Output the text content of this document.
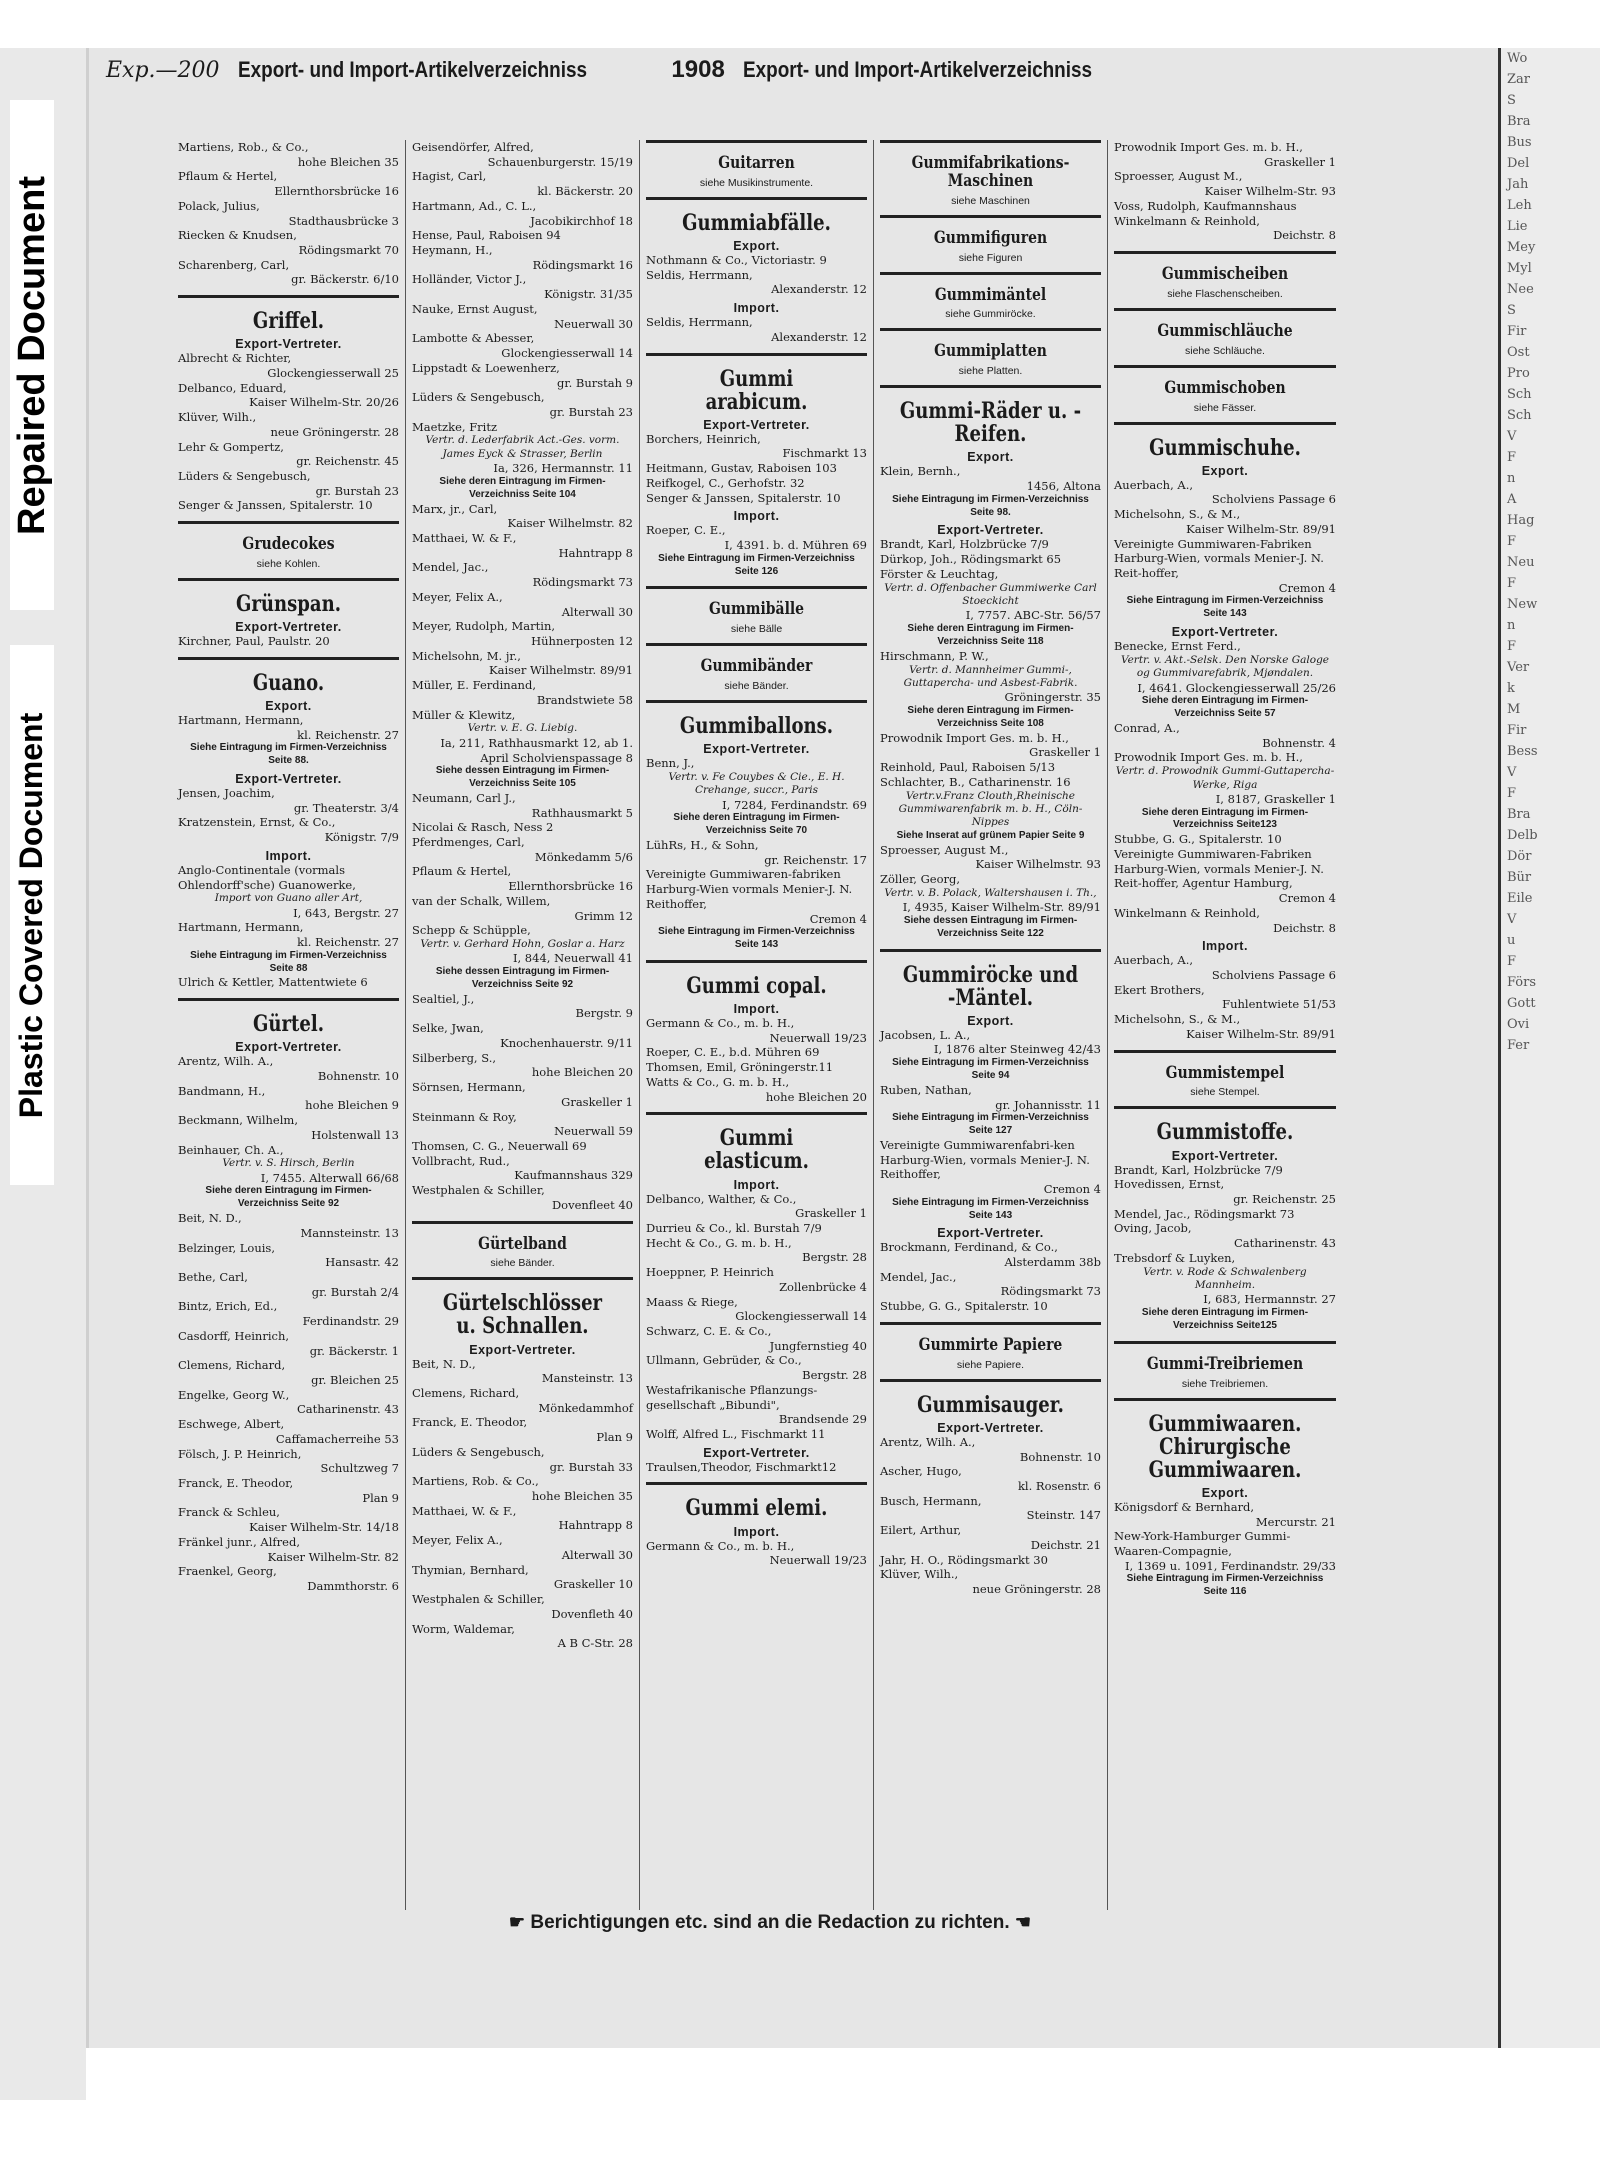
Repaired Document
Plastic Covered Document
Wo
Zar
S
Bra
Bus
Del
Jah
Leh
Lie
Mey
Myl
Nee
S
Fir
Ost
Pro
Sch
Sch
V
F
n
A
Hag
F
Neu
F
New
n
F
Ver
k
M
Fir
Bess
V
F
Bra
Delb
Dör
Bür
Eile
V
u
F
Förs
Gott
Ovi
Fer
Exp.—200 Export- und Import-Artikelverzeichniss	1908 Export- und Import-Artikelverzeichniss
Martiens, Rob., & Co.,
hohe Bleichen 35
Pflaum & Hertel,
Ellernthorsbrücke 16
Polack, Julius,
Stadthausbrücke 3
Riecken & Knudsen,
Rödingsmarkt 70
Scharenberg, Carl,
gr. Bäckerstr. 6/10
Griffel.
Export-Vertreter.
Albrecht & Richter,
Glockengiesserwall 25
Delbanco, Eduard,
Kaiser Wilhelm-Str. 20/26
Klüver, Wilh.,
neue Gröningerstr. 28
Lehr & Gompertz,
gr. Reichenstr. 45
Lüders & Sengebusch,
gr. Burstah 23
Senger & Janssen, Spitalerstr. 10
Grudecokes
siehe Kohlen.
Grünspan.
Export-Vertreter.
Kirchner, Paul, Paulstr. 20
Guano.
Export.
Hartmann, Hermann,
kl. Reichenstr. 27
Siehe Eintragung im Firmen-Verzeichniss Seite 88.
Export-Vertreter.
Jensen, Joachim,
gr. Theaterstr. 3/4
Kratzenstein, Ernst, & Co.,
Königstr. 7/9
Import.
Anglo-Continentale (vormals Ohlendorff'sche) Guanowerke,
Import von Guano aller Art,
I, 643, Bergstr. 27
Hartmann, Hermann,
kl. Reichenstr. 27
Siehe Eintragung im Firmen-Verzeichniss Seite 88
Ulrich & Kettler, Mattentwiete 6
Gürtel.
Export-Vertreter.
Arentz, Wilh. A.,
Bohnenstr. 10
Bandmann, H.,
hohe Bleichen 9
Beckmann, Wilhelm,
Holstenwall 13
Beinhauer, Ch. A.,
Vertr. v. S. Hirsch, Berlin
I, 7455. Alterwall 66/68
Siehe deren Eintragung im Firmen-Verzeichniss Seite 92
Beit, N. D.,
Mannsteinstr. 13
Belzinger, Louis,
Hansastr. 42
Bethe, Carl,
gr. Burstah 2/4
Bintz, Erich, Ed.,
Ferdinandstr. 29
Casdorff, Heinrich,
gr. Bäckerstr. 1
Clemens, Richard,
gr. Bleichen 25
Engelke, Georg W.,
Catharinenstr. 43
Eschwege, Albert,
Caffamacherreihe 53
Fölsch, J. P. Heinrich,
Schultzweg 7
Franck, E. Theodor,
Plan 9
Franck & Schleu,
Kaiser Wilhelm-Str. 14/18
Fränkel junr., Alfred,
Kaiser Wilhelm-Str. 82
Fraenkel, Georg,
Dammthorstr. 6
Geisendörfer, Alfred,
Schauenburgerstr. 15/19
Hagist, Carl,
kl. Bäckerstr. 20
Hartmann, Ad., C. L.,
Jacobikirchhof 18
Hense, Paul, Raboisen 94
Heymann, H.,
Rödingsmarkt 16
Holländer, Victor J.,
Königstr. 31/35
Nauke, Ernst August,
Neuerwall 30
Lambotte & Abesser,
Glockengiesserwall 14
Lippstadt & Loewenherz,
gr. Burstah 9
Lüders & Sengebusch,
gr. Burstah 23
Maetzke, Fritz
Vertr. d. Lederfabrik Act.-Ges. vorm. James Eyck & Strasser, Berlin
Ia, 326, Hermannstr. 11
Siehe deren Eintragung im Firmen-Verzeichniss Seite 104
Marx, jr., Carl,
Kaiser Wilhelmstr. 82
Matthaei, W. & F.,
Hahntrapp 8
Mendel, Jac.,
Rödingsmarkt 73
Meyer, Felix A.,
Alterwall 30
Meyer, Rudolph, Martin,
Hühnerposten 12
Michelsohn, M. jr.,
Kaiser Wilhelmstr. 89/91
Müller, E. Ferdinand,
Brandstwiete 58
Müller & Klewitz,
Vertr. v. E. G. Liebig.
Ia, 211, Rathhausmarkt 12, ab 1. April Scholvienspassage 8
Siehe dessen Eintragung im Firmen-Verzeichniss Seite 105
Neumann, Carl J.,
Rathhausmarkt 5
Nicolai & Rasch, Ness 2
Pferdmenges, Carl,
Mönkedamm 5/6
Pflaum & Hertel,
Ellernthorsbrücke 16
van der Schalk, Willem,
Grimm 12
Schepp & Schüpple,
Vertr. v. Gerhard Hohn, Goslar a. Harz
I, 844, Neuerwall 41
Siehe dessen Eintragung im Firmen-Verzeichniss Seite 92
Sealtiel, J.,
Bergstr. 9
Selke, Jwan,
Knochenhauerstr. 9/11
Silberberg, S.,
hohe Bleichen 20
Sörnsen, Hermann,
Graskeller 1
Steinmann & Roy,
Neuerwall 59
Thomsen, C. G., Neuerwall 69
Vollbracht, Rud.,
Kaufmannshaus 329
Westphalen & Schiller,
Dovenfleet 40
Gürtelband
siehe Bänder.
Gürtelschlösser u. Schnallen.
Export-Vertreter.
Beit, N. D.,
Mansteinstr. 13
Clemens, Richard,
Mönkedammhof
Franck, E. Theodor,
Plan 9
Lüders & Sengebusch,
gr. Burstah 33
Martiens, Rob. & Co.,
hohe Bleichen 35
Matthaei, W. & F.,
Hahntrapp 8
Meyer, Felix A.,
Alterwall 30
Thymian, Bernhard,
Graskeller 10
Westphalen & Schiller,
Dovenfleth 40
Worm, Waldemar,
A B C-Str. 28
Guitarren
siehe Musikinstrumente.
Gummiabfälle.
Export.
Nothmann & Co., Victoriastr. 9
Seldis, Herrmann,
Alexanderstr. 12
Import.
Seldis, Herrmann,
Alexanderstr. 12
Gummi arabicum.
Export-Vertreter.
Borchers, Heinrich,
Fischmarkt 13
Heitmann, Gustav, Raboisen 103
Reifkogel, C., Gerhofstr. 32
Senger & Janssen, Spitalerstr. 10
Import.
Roeper, C. E.,
I, 4391. b. d. Mühren 69
Siehe Eintragung im Firmen-Verzeichniss Seite 126
Gummibälle
siehe Bälle
Gummibänder
siehe Bänder.
Gummiballons.
Export-Vertreter.
Benn, J.,
Vertr. v. Fe Couybes & Cie., E. H. Crehange, succr., Paris
I, 7284, Ferdinandstr. 69
Siehe deren Eintragung im Firmen-Verzeichniss Seite 70
LühRs, H., & Sohn,
gr. Reichenstr. 17
Vereinigte Gummiwaren-fabriken Harburg-Wien vormals Menier-J. N. Reithoffer,
Cremon 4
Siehe Eintragung im Firmen-Verzeichniss Seite 143
Gummi copal.
Import.
Germann & Co., m. b. H.,
Neuerwall 19/23
Roeper, C. E., b.d. Mühren 69
Thomsen, Emil, Gröningerstr.11
Watts & Co., G. m. b. H.,
hohe Bleichen 20
Gummi elasticum.
Import.
Delbanco, Walther, & Co.,
Graskeller 1
Durrieu & Co., kl. Burstah 7/9
Hecht & Co., G. m. b. H.,
Bergstr. 28
Hoeppner, P. Heinrich
Zollenbrücke 4
Maass & Riege,
Glockengiesserwall 14
Schwarz, C. E. & Co.,
Jungfernstieg 40
Ullmann, Gebrüder, & Co.,
Bergstr. 28
Westafrikanische Pflanzungs-gesellschaft „Bibundi",
Brandsende 29
Wolff, Alfred L., Fischmarkt 11
Export-Vertreter.
Traulsen,Theodor, Fischmarkt12
Gummi elemi.
Import.
Germann & Co., m. b. H.,
Neuerwall 19/23
Gummifabrikations-Maschinen
siehe Maschinen
Gummifiguren
siehe Figuren
Gummimäntel
siehe Gummiröcke.
Gummiplatten
siehe Platten.
Gummi-Räder u. -Reifen.
Export.
Klein, Bernh.,
1456, Altona
Siehe Eintragung im Firmen-Verzeichniss Seite 98.
Export-Vertreter.
Brandt, Karl, Holzbrücke 7/9
Dürkop, Joh., Rödingsmarkt 65
Förster & Leuchtag,
Vertr. d. Offenbacher Gummiwerke Carl Stoeckicht
I, 7757. ABC-Str. 56/57
Siehe deren Eintragung im Firmen-Verzeichniss Seite 118
Hirschmann, P. W.,
Vertr. d. Mannheimer Gummi-, Guttapercha- und Asbest-Fabrik.
Gröningerstr. 35
Siehe deren Eintragung im Firmen-Verzeichniss Seite 108
Prowodnik Import Ges. m. b. H.,
Graskeller 1
Reinhold, Paul, Raboisen 5/13
Schlachter, B., Catharinenstr. 16
Vertr.v.Franz Clouth,Rheinische Gummiwarenfabrik m. b. H., Cöln-Nippes
Siehe Inserat auf grünem Papier Seite 9
Sproesser, August M.,
Kaiser Wilhelmstr. 93
Zöller, Georg,
Vertr. v. B. Polack, Waltershausen i. Th.,
I, 4935, Kaiser Wilhelm-Str. 89/91
Siehe dessen Eintragung im Firmen-Verzeichniss Seite 122
Gummiröcke und -Mäntel.
Export.
Jacobsen, L. A.,
I, 1876 alter Steinweg 42/43
Siehe Eintragung im Firmen-Verzeichniss Seite 94
Ruben, Nathan,
gr. Johannisstr. 11
Siehe Eintragung im Firmen-Verzeichniss Seite 127
Vereinigte Gummiwarenfabri-ken Harburg-Wien, vormals Menier-J. N. Reithoffer,
Cremon 4
Siehe Eintragung im Firmen-Verzeichniss Seite 143
Export-Vertreter.
Brockmann, Ferdinand, & Co.,
Alsterdamm 38b
Mendel, Jac.,
Rödingsmarkt 73
Stubbe, G. G., Spitalerstr. 10
Gummirte Papiere
siehe Papiere.
Gummisauger.
Export-Vertreter.
Arentz, Wilh. A.,
Bohnenstr. 10
Ascher, Hugo,
kl. Rosenstr. 6
Busch, Hermann,
Steinstr. 147
Eilert, Arthur,
Deichstr. 21
Jahr, H. O., Rödingsmarkt 30
Klüver, Wilh.,
neue Gröningerstr. 28
Prowodnik Import Ges. m. b. H.,
Graskeller 1
Sproesser, August M.,
Kaiser Wilhelm-Str. 93
Voss, Rudolph, Kaufmannshaus
Winkelmann & Reinhold,
Deichstr. 8
Gummischeiben
siehe Flaschenscheiben.
Gummischläuche
siehe Schläuche.
Gummischoben
siehe Fässer.
Gummischuhe.
Export.
Auerbach, A.,
Scholviens Passage 6
Michelsohn, S., & M.,
Kaiser Wilhelm-Str. 89/91
Vereinigte Gummiwaren-Fabriken Harburg-Wien, vormals Menier-J. N. Reit-hoffer,
Cremon 4
Siehe Eintragung im Firmen-Verzeichniss Seite 143
Export-Vertreter.
Benecke, Ernst Ferd.,
Vertr. v. Akt.-Selsk. Den Norske Galoge og Gummivarefabrik, Mjøndalen.
I, 4641. Glockengiesserwall 25/26
Siehe deren Eintragung im Firmen-Verzeichniss Seite 57
Conrad, A.,
Bohnenstr. 4
Prowodnik Import Ges. m. b. H.,
Vertr. d. Prowodnik Gummi-Guttapercha-Werke, Riga
I, 8187, Graskeller 1
Siehe deren Eintragung im Firmen-Verzeichniss Seite123
Stubbe, G. G., Spitalerstr. 10
Vereinigte Gummiwaren-Fabriken Harburg-Wien, vormals Menier-J. N. Reit-hoffer, Agentur Hamburg,
Cremon 4
Winkelmann & Reinhold,
Deichstr. 8
Import.
Auerbach, A.,
Scholviens Passage 6
Ekert Brothers,
Fuhlentwiete 51/53
Michelsohn, S., & M.,
Kaiser Wilhelm-Str. 89/91
Gummistempel
siehe Stempel.
Gummistoffe.
Export-Vertreter.
Brandt, Karl, Holzbrücke 7/9
Hovedissen, Ernst,
gr. Reichenstr. 25
Mendel, Jac., Rödingsmarkt 73
Oving, Jacob,
Catharinenstr. 43
Trebsdorf & Luyken,
Vertr. v. Rode & Schwalenberg Mannheim.
I, 683, Hermannstr. 27
Siehe deren Eintragung im Firmen-Verzeichniss Seite125
Gummi-Treibriemen
siehe Treibriemen.
Gummiwaaren. Chirurgische Gummiwaaren.
Export.
Königsdorf & Bernhard,
Mercurstr. 21
New-York-Hamburger Gummi-Waaren-Compagnie,
I, 1369 u. 1091, Ferdinandstr. 29/33
Siehe Eintragung im Firmen-Verzeichniss Seite 116
☛ Berichtigungen etc. sind an die Redaction zu richten. ☚
